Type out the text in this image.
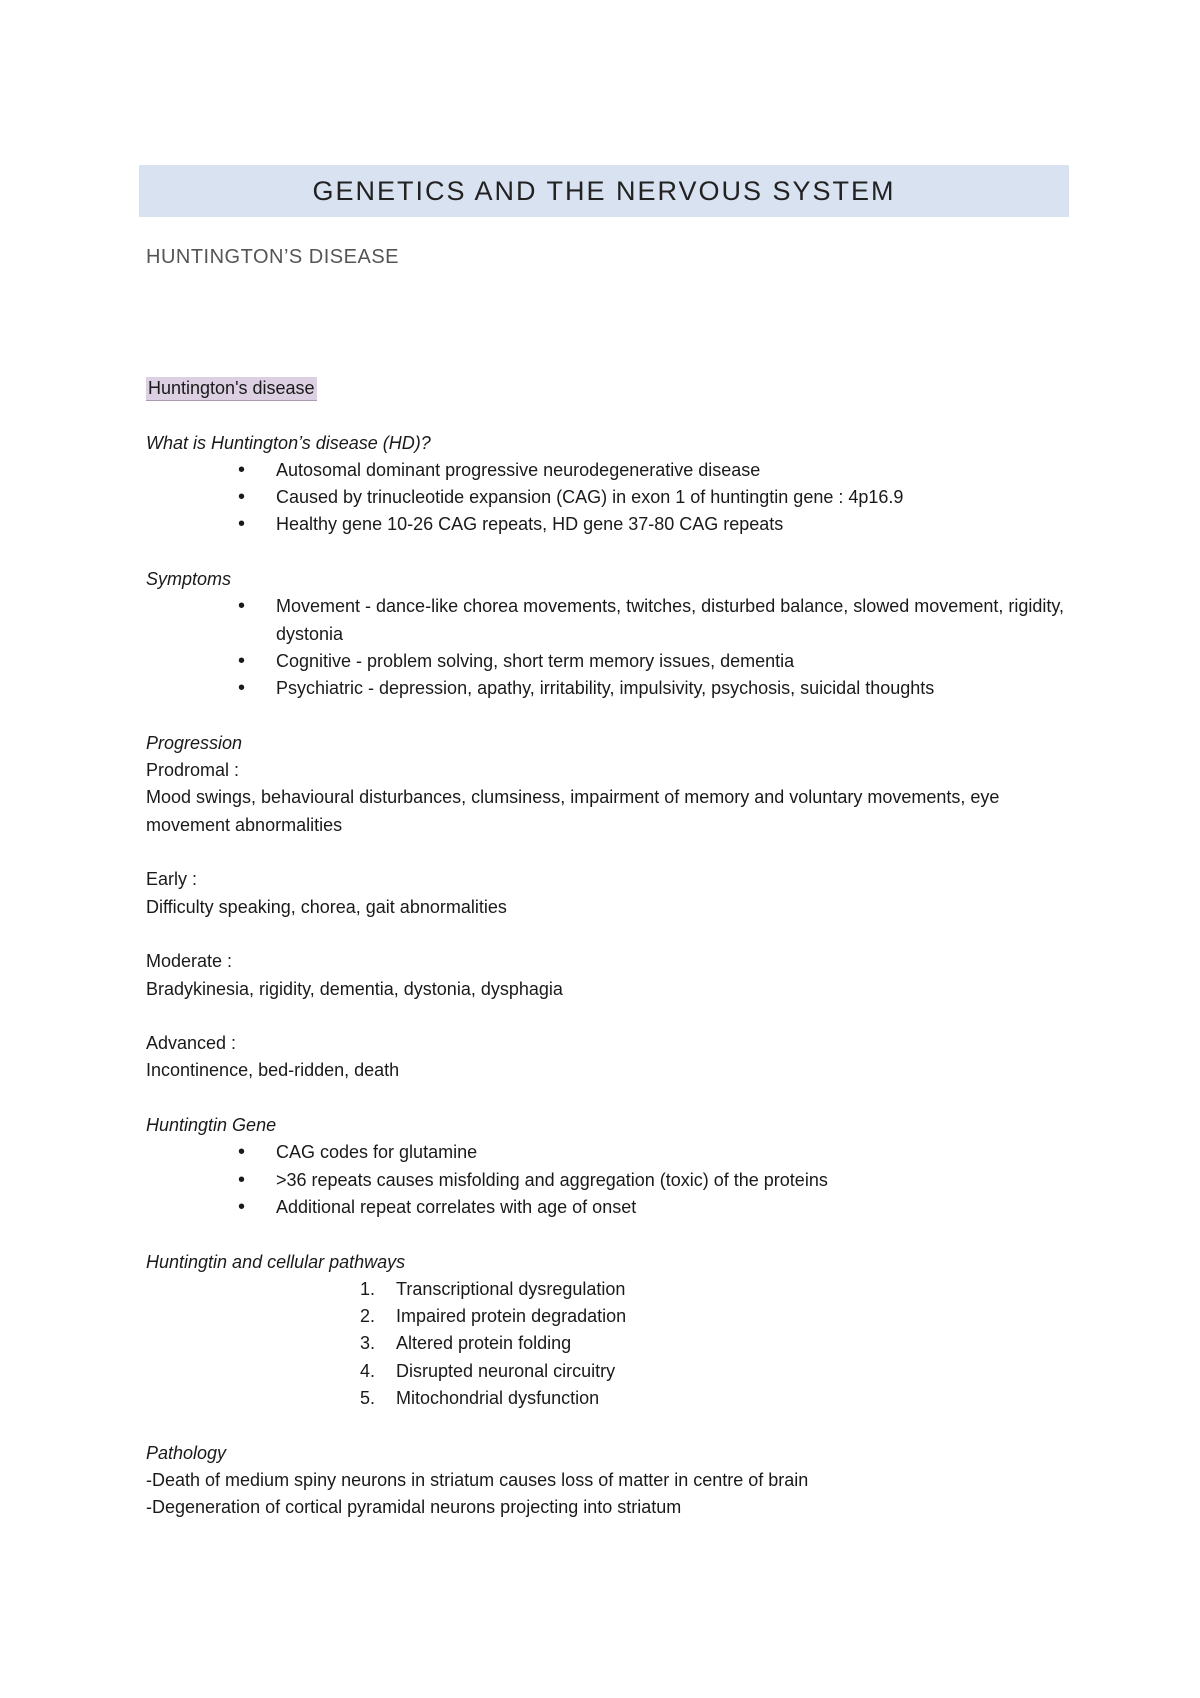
GENETICS AND THE NERVOUS SYSTEM
HUNTINGTON’S DISEASE

Huntington's disease

What is Huntington’s disease (HD)?

• Autosomal dominant progressive neurodegenerative disease
• Caused by trinucleotide expansion (CAG) in exon 1 of huntingtin gene : 4p16.9
• Healthy gene 10-26 CAG repeats, HD gene 37-80 CAG repeats

Symptoms

• Movement - dance-like chorea movements, twitches, disturbed balance, slowed movement, rigidity, dystonia
• Cognitive - problem solving, short term memory issues, dementia
• Psychiatric - depression, apathy, irritability, impulsivity, psychosis, suicidal thoughts

Progression

Prodromal :

Mood swings, behavioural disturbances, clumsiness, impairment of memory and voluntary movements, eye movement abnormalities

Early :

Difficulty speaking, chorea, gait abnormalities

Moderate :

Bradykinesia, rigidity, dementia, dystonia, dysphagia

Advanced :

Incontinence, bed-ridden, death

Huntingtin Gene

• CAG codes for glutamine
• >36 repeats causes misfolding and aggregation (toxic) of the proteins
• Additional repeat correlates with age of onset

Huntingtin and cellular pathways

1. Transcriptional dysregulation
2. Impaired protein degradation
3. Altered protein folding
4. Disrupted neuronal circuitry
5. Mitochondrial dysfunction

Pathology

-Death of medium spiny neurons in striatum causes loss of matter in centre of brain

-Degeneration of cortical pyramidal neurons projecting into striatum
